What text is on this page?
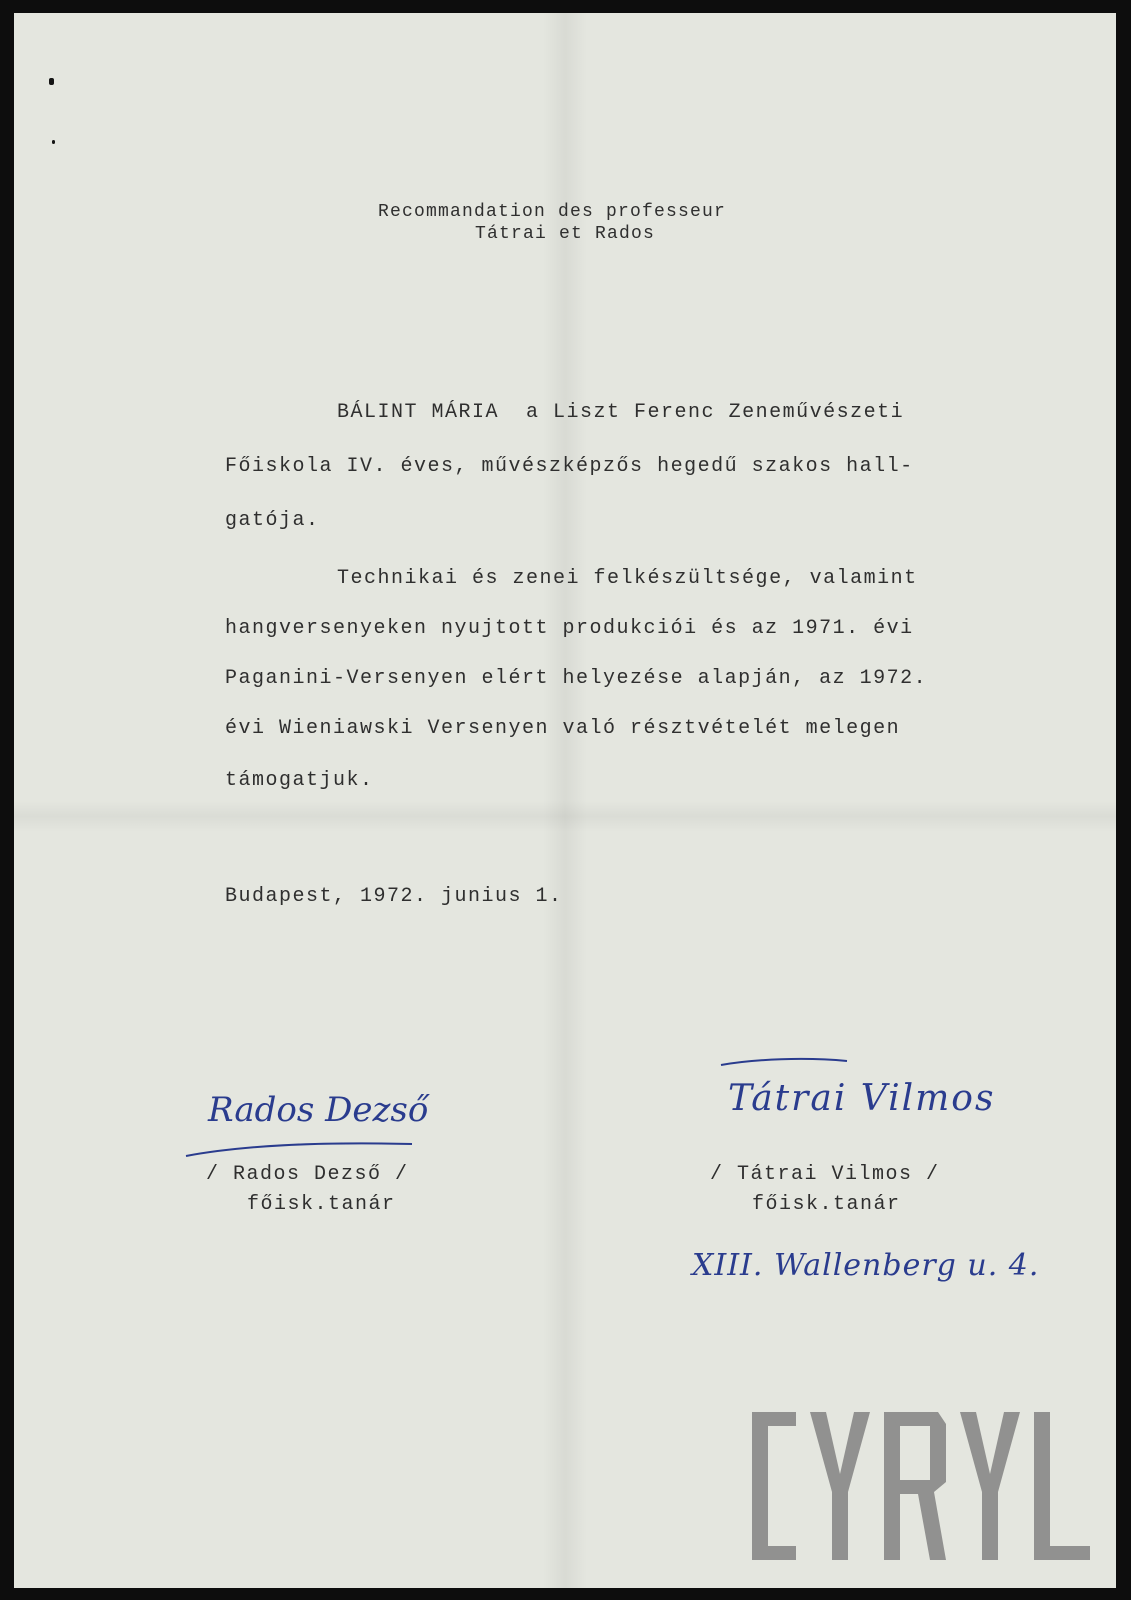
Recommandation des professeur
Tátrai et Rados
BÁLINT MÁRIA  a Liszt Ferenc Zeneművészeti
Főiskola IV. éves, művészképzős hegedű szakos hall-
gatója.
Technikai és zenei felkészültsége, valamint
hangversenyeken nyujtott produkciói és az 1971. évi
Paganini-Versenyen elért helyezése alapján, az 1972.
évi Wieniawski Versenyen való résztvételét melegen
támogatjuk.
Budapest, 1972. junius 1.
Rados Dezső
/ Rados Dezső /
főisk.tanár
Tátrai Vilmos
/ Tátrai Vilmos /
főisk.tanár
XIII. Wallenberg u. 4.
